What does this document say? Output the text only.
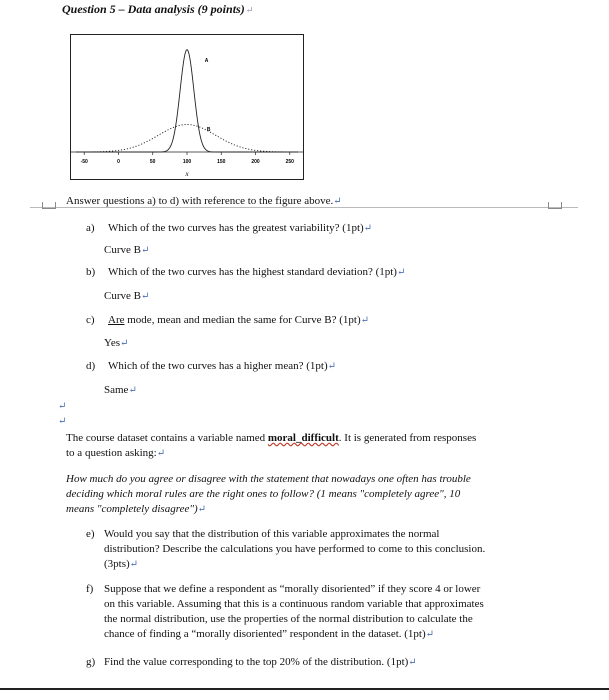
Question 5 – Data analysis (9 points)↵
A
B
-50	0	50	100	150	200	250
x
Answer questions a) to d) with reference to the figure above.↵
a) Which of the two curves has the greatest variability? (1pt)↵
Curve B↵
b) Which of the two curves has the highest standard deviation? (1pt)↵
Curve B↵
c) Are mode, mean and median the same for Curve B? (1pt)↵
Yes↵
d) Which of the two curves has a higher mean? (1pt)↵
Same↵
↵
↵
The course dataset contains a variable named moral_difficult. It is generated from responses
to a question asking:↵
How much do you agree or disagree with the statement that nowadays one often has trouble
deciding which moral rules are the right ones to follow? (1 means "completely agree", 10
means "completely disagree")↵
e) Would you say that the distribution of this variable approximates the normal
distribution? Describe the calculations you have performed to come to this conclusion.
(3pts)↵
f) Suppose that we define a respondent as “morally disoriented” if they score 4 or lower
on this variable. Assuming that this is a continuous random variable that approximates
the normal distribution, use the properties of the normal distribution to calculate the
chance of finding a “morally disoriented” respondent in the dataset. (1pt)↵
g) Find the value corresponding to the top 20% of the distribution. (1pt)↵
